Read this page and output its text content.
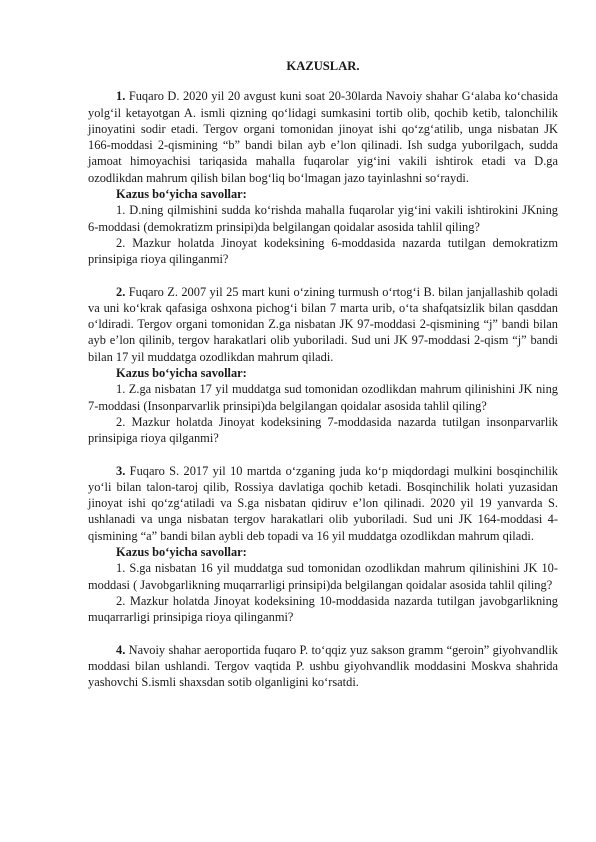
KAZUSLAR.

1. Fuqaro D. 2020 yil 20 avgust kuni soat 20-30larda Navoiy shahar G‘alaba ko‘chasida yolg‘il ketayotgan A. ismli qizning qo‘lidagi sumkasini tortib olib, qochib ketib, talonchilik jinoyatini sodir etadi. Tergov organi tomonidan jinoyat ishi qo‘zg‘atilib, unga nisbatan JK 166-moddasi 2-qismining “b” bandi bilan ayb e’lon qilinadi. Ish sudga yuborilgach, sudda jamoat himoyachisi tariqasida mahalla fuqarolar yig‘ini vakili ishtirok etadi va D.ga ozodlikdan mahrum qilish bilan bog‘liq bo‘lmagan jazo tayinlashni so‘raydi.

Kazus bo‘yicha savollar:

1. D.ning qilmishini sudda ko‘rishda mahalla fuqarolar yig‘ini vakili ishtirokini JKning 6-moddasi (demokratizm prinsipi)da belgilangan qoidalar asosida tahlil qiling?

2. Mazkur holatda Jinoyat kodeksining 6-moddasida nazarda tutilgan demokratizm prinsipiga rioya qilinganmi?

2. Fuqaro Z. 2007 yil 25 mart kuni o‘zining turmush o‘rtog‘i B. bilan janjallashib qoladi va uni ko‘krak qafasiga oshxona pichog‘i bilan 7 marta urib, o‘ta shafqatsizlik bilan qasddan o‘ldiradi. Tergov organi tomonidan Z.ga nisbatan JK 97-moddasi 2-qismining “j” bandi bilan ayb e’lon qilinib, tergov harakatlari olib yuboriladi. Sud uni JK 97-moddasi 2-qism “j” bandi bilan 17 yil muddatga ozodlikdan mahrum qiladi.

Kazus bo‘yicha savollar:

1. Z.ga nisbatan 17 yil muddatga sud tomonidan ozodlikdan mahrum qilinishini JK ning 7-moddasi (Insonparvarlik prinsipi)da belgilangan qoidalar asosida tahlil qiling?

2. Mazkur holatda Jinoyat kodeksining 7-moddasida nazarda tutilgan insonparvarlik prinsipiga rioya qilganmi?

3. Fuqaro S. 2017 yil 10 martda o‘zganing juda ko‘p miqdordagi mulkini bosqinchilik yo‘li bilan talon-taroj qilib, Rossiya davlatiga qochib ketadi. Bosqinchilik holati yuzasidan jinoyat ishi qo‘zg‘atiladi va S.ga nisbatan qidiruv e’lon qilinadi. 2020 yil 19 yanvarda S. ushlanadi va unga nisbatan tergov harakatlari olib yuboriladi. Sud uni JK 164-moddasi 4-qismining “a” bandi bilan aybli deb topadi va 16 yil muddatga ozodlikdan mahrum qiladi.

Kazus bo‘yicha savollar:

1. S.ga nisbatan 16 yil muddatga sud tomonidan ozodlikdan mahrum qilinishini JK 10-moddasi ( Javobgarlikning muqarrarligi prinsipi)da belgilangan qoidalar asosida tahlil qiling?

2. Mazkur holatda Jinoyat kodeksining 10-moddasida nazarda tutilgan javobgarlikning muqarrarligi prinsipiga rioya qilinganmi?

4. Navoiy shahar aeroportida fuqaro P. to‘qqiz yuz sakson gramm “geroin” giyohvandlik moddasi bilan ushlandi. Tergov vaqtida P. ushbu giyohvandlik moddasini Moskva shahrida yashovchi S.ismli shaxsdan sotib olganligini ko‘rsatdi.
